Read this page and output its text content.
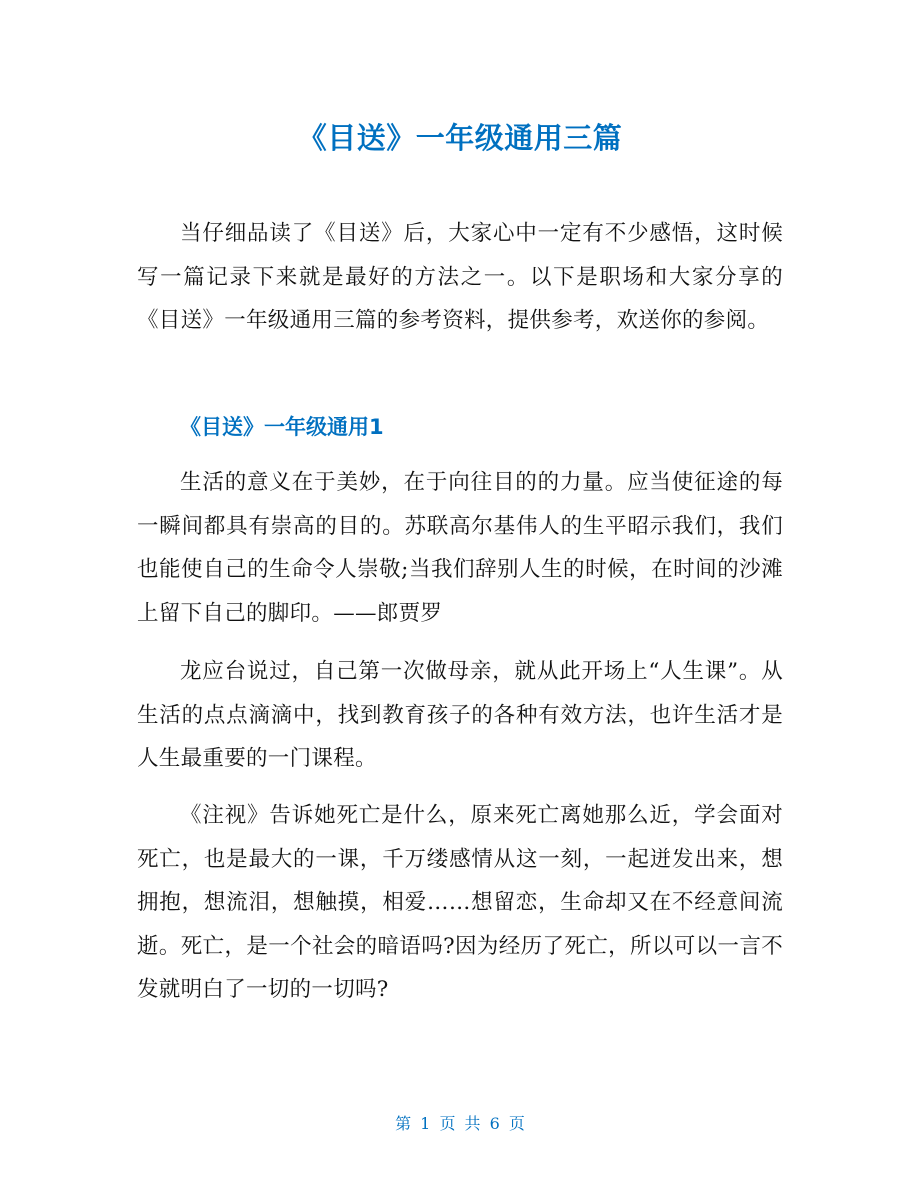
《目送》一年级通用三篇

当仔细品读了《目送》后，大家心中一定有不少感悟，这时候写一篇记录下来就是最好的方法之一。以下是职场和大家分享的《目送》一年级通用三篇的参考资料，提供参考，欢送你的参阅。

《目送》一年级通用1

生活的意义在于美妙，在于向往目的的力量。应当使征途的每一瞬间都具有崇高的目的。苏联高尔基伟人的生平昭示我们，我们也能使自己的生命令人崇敬;当我们辞别人生的时候，在时间的沙滩上留下自己的脚印。——郎贾罗

龙应台说过，自己第一次做母亲，就从此开场上“人生课”。从生活的点点滴滴中，找到教育孩子的各种有效方法，也许生活才是人生最重要的一门课程。

《注视》告诉她死亡是什么，原来死亡离她那么近，学会面对死亡，也是最大的一课，千万缕感情从这一刻，一起迸发出来，想拥抱，想流泪，想触摸，相爱……想留恋，生命却又在不经意间流逝。死亡，是一个社会的暗语吗?因为经历了死亡，所以可以一言不发就明白了一切的一切吗?

第 1 页 共 6 页
